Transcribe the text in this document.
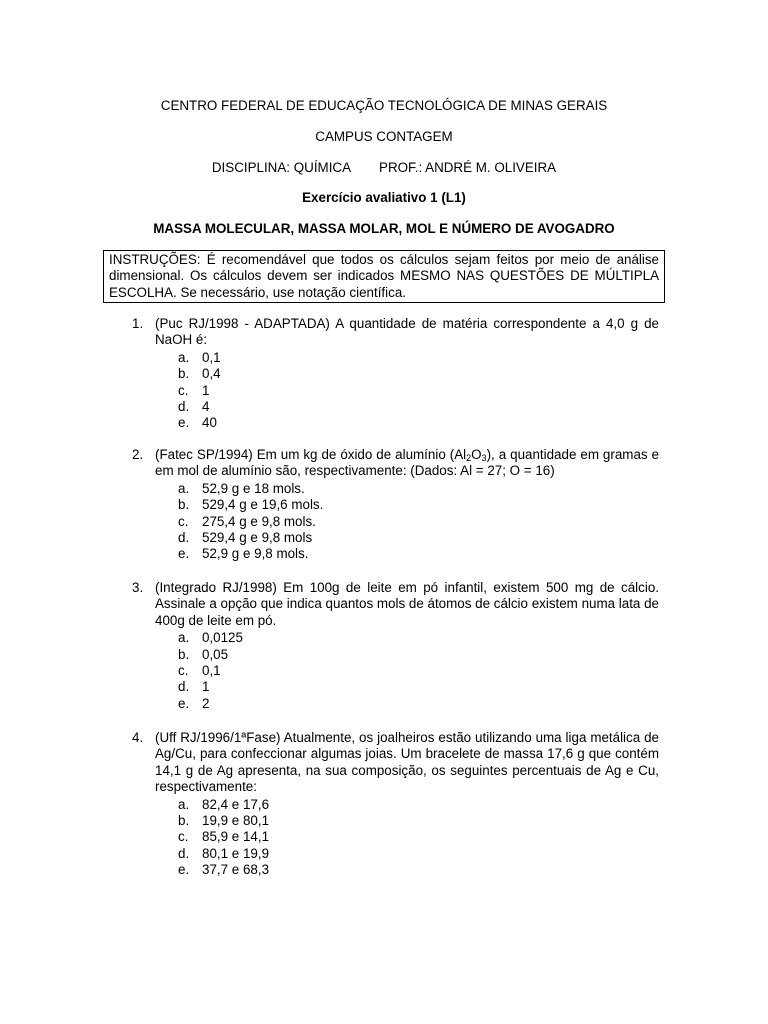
CENTRO FEDERAL DE EDUCAÇÃO TECNOLÓGICA DE MINAS GERAIS
CAMPUS CONTAGEM
DISCIPLINA: QUÍMICA PROF.: ANDRÉ M. OLIVEIRA
Exercício avaliativo 1 (L1)
MASSA MOLECULAR, MASSA MOLAR, MOL E NÚMERO DE AVOGADRO
INSTRUÇÕES: É recomendável que todos os cálculos sejam feitos por meio de análise dimensional. Os cálculos devem ser indicados MESMO NAS QUESTÕES DE MÚLTIPLA ESCOLHA. Se necessário, use notação científica.
1. (Puc RJ/1998 - ADAPTADA) A quantidade de matéria correspondente a 4,0 g de NaOH é:
a. 0,1
b. 0,4
c. 1
d. 4
e. 40
2. (Fatec SP/1994) Em um kg de óxido de alumínio $(Al_2O_3)$, a quantidade em gramas e em mol de alumínio são, respectivamente: (Dados: Al = 27; O = 16)
a. 52,9 g e 18 mols.
b. 529,4 g e 19,6 mols.
c. 275,4 g e 9,8 mols.
d. 529,4 g e 9,8 mols
e. 52,9 g e 9,8 mols.
3. (Integrado RJ/1998) Em 100g de leite em pó infantil, existem 500 mg de cálcio. Assinale a opção que indica quantos mols de átomos de cálcio existem numa lata de 400g de leite em pó.
a. 0,0125
b. 0,05
c. 0,1
d. 1
e. 2
4. (Uff RJ/1996/1ªFase) Atualmente, os joalheiros estão utilizando uma liga metálica de Ag/Cu, para confeccionar algumas joias. Um bracelete de massa 17,6 g que contém 14,1 g de Ag apresenta, na sua composição, os seguintes percentuais de Ag e Cu, respectivamente:
a. 82,4 e 17,6
b. 19,9 e 80,1
c. 85,9 e 14,1
d. 80,1 e 19,9
e. 37,7 e 68,3
